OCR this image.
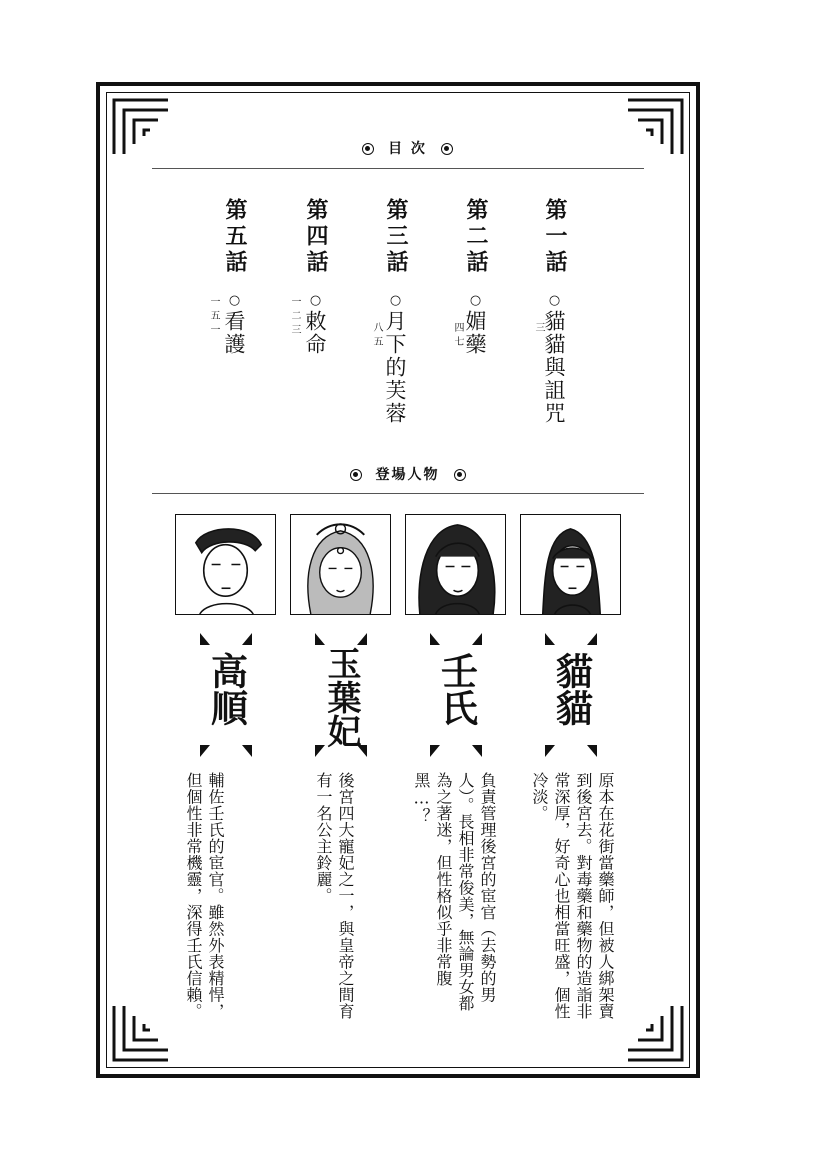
目 次
第一話
○貓貓與詛咒
三
第二話
○媚藥
四七
第三話
○月下的芙蓉
八五
第四話
○敕命
一二三
第五話
○看護
一五一
登場人物
貓貓
壬氏
玉葉妃
高順
原本在花街當藥師，但被人綁架賣到後宮去。對毒藥和藥物的造詣非常深厚，好奇心也相當旺盛，個性冷淡。
負責管理後宮的宦官（去勢的男人）。長相非常俊美，無論男女都為之著迷，但性格似乎非常腹黑…？
後宮四大寵妃之一，與皇帝之間育有一名公主鈴麗。
輔佐壬氏的宦官。雖然外表精悍，但個性非常機靈，深得壬氏信賴。
